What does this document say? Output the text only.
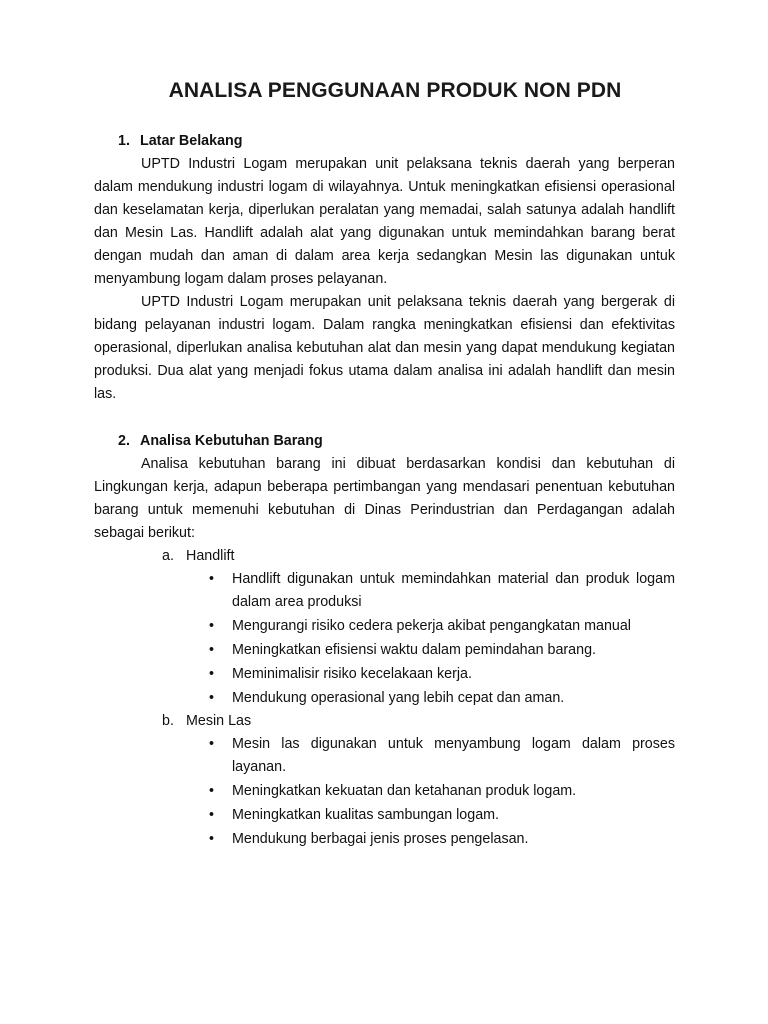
ANALISA PENGGUNAAN PRODUK NON PDN
1. Latar Belakang

UPTD Industri Logam merupakan unit pelaksana teknis daerah yang berperan dalam mendukung industri logam di wilayahnya. Untuk meningkatkan efisiensi operasional dan keselamatan kerja, diperlukan peralatan yang memadai, salah satunya adalah handlift dan Mesin Las. Handlift adalah alat yang digunakan untuk memindahkan barang berat dengan mudah dan aman di dalam area kerja sedangkan Mesin las digunakan untuk menyambung logam dalam proses pelayanan.

UPTD Industri Logam merupakan unit pelaksana teknis daerah yang bergerak di bidang pelayanan industri logam. Dalam rangka meningkatkan efisiensi dan efektivitas operasional, diperlukan analisa kebutuhan alat dan mesin yang dapat mendukung kegiatan produksi. Dua alat yang menjadi fokus utama dalam analisa ini adalah handlift dan mesin las.

2. Analisa Kebutuhan Barang

Analisa kebutuhan barang ini dibuat berdasarkan kondisi dan kebutuhan di Lingkungan kerja, adapun beberapa pertimbangan yang mendasari penentuan kebutuhan barang untuk memenuhi kebutuhan di Dinas Perindustrian dan Perdagangan adalah sebagai berikut:

a. Handlift
•	Handlift digunakan untuk memindahkan material dan produk logam dalam area produksi
•	Mengurangi risiko cedera pekerja akibat pengangkatan manual
•	Meningkatkan efisiensi waktu dalam pemindahan barang.
•	Meminimalisir risiko kecelakaan kerja.
•	Mendukung operasional yang lebih cepat dan aman.
b. Mesin Las
•	Mesin las digunakan untuk menyambung logam dalam proses layanan.
•	Meningkatkan kekuatan dan ketahanan produk logam.
•	Meningkatkan kualitas sambungan logam.
•	Mendukung berbagai jenis proses pengelasan.
